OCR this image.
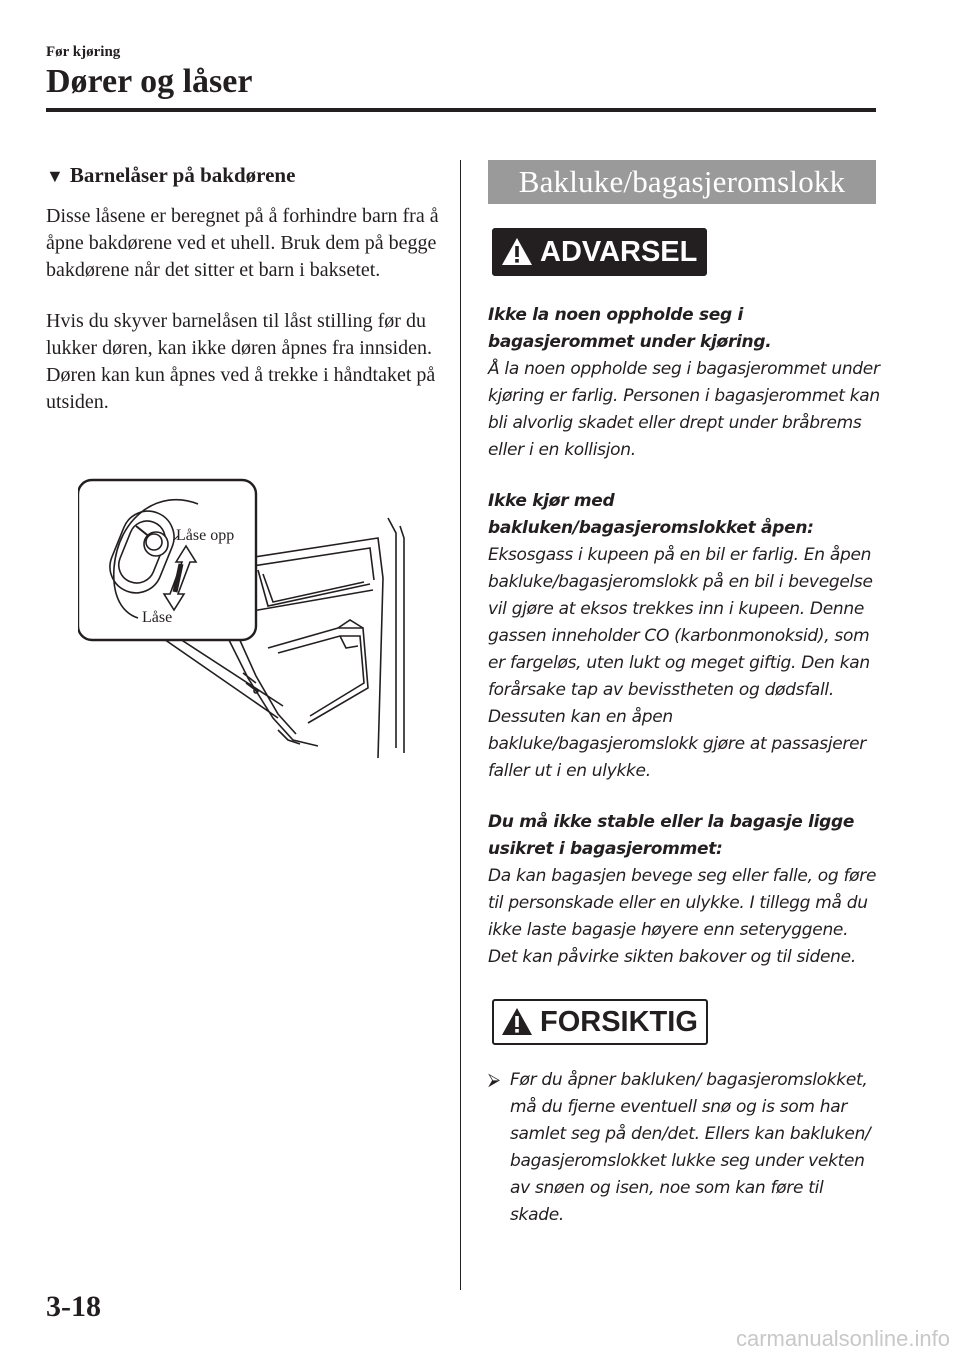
Før kjøring
Dører og låser
▼ Barnelåser på bakdørene

Disse låsene er beregnet på å forhindre barn fra å åpne bakdørene ved et uhell. Bruk dem på begge bakdørene når det sitter et barn i baksetet.

Hvis du skyver barnelåsen til låst stilling før du lukker døren, kan ikke døren åpnes fra innsiden. Døren kan kun åpnes ved å trekke i håndtaket på utsiden.

Låse opp
Låse
Bakluke/bagasjeromslokk
ADVARSEL

Ikke la noen oppholde seg i bagasjerommet under kjøring.

Å la noen oppholde seg i bagasjerommet under kjøring er farlig. Personen i bagasjerommet kan bli alvorlig skadet eller drept under bråbrems eller i en kollisjon.

Ikke kjør med bakluken/bagasjeromslokket åpen:

Eksosgass i kupeen på en bil er farlig. En åpen bakluke/bagasjeromslokk på en bil i bevegelse vil gjøre at eksos trekkes inn i kupeen. Denne gassen inneholder CO (karbonmonoksid), som er fargeløs, uten lukt og meget giftig. Den kan forårsake tap av bevisstheten og dødsfall. Dessuten kan en åpen bakluke/bagasjeromslokk gjøre at passasjerer faller ut i en ulykke.

Du må ikke stable eller la bagasje ligge usikret i bagasjerommet:

Da kan bagasjen bevege seg eller falle, og føre til personskade eller en ulykke. I tillegg må du ikke laste bagasje høyere enn seteryggene. Det kan påvirke sikten bakover og til sidene.

FORSIKTIG
⮚ Før du åpner bakluken/ bagasjeromslokket, må du fjerne eventuell snø og is som har samlet seg på den/det. Ellers kan bakluken/ bagasjeromslokket lukke seg under vekten av snøen og isen, noe som kan føre til skade.
3-18
carmanualsonline.info
